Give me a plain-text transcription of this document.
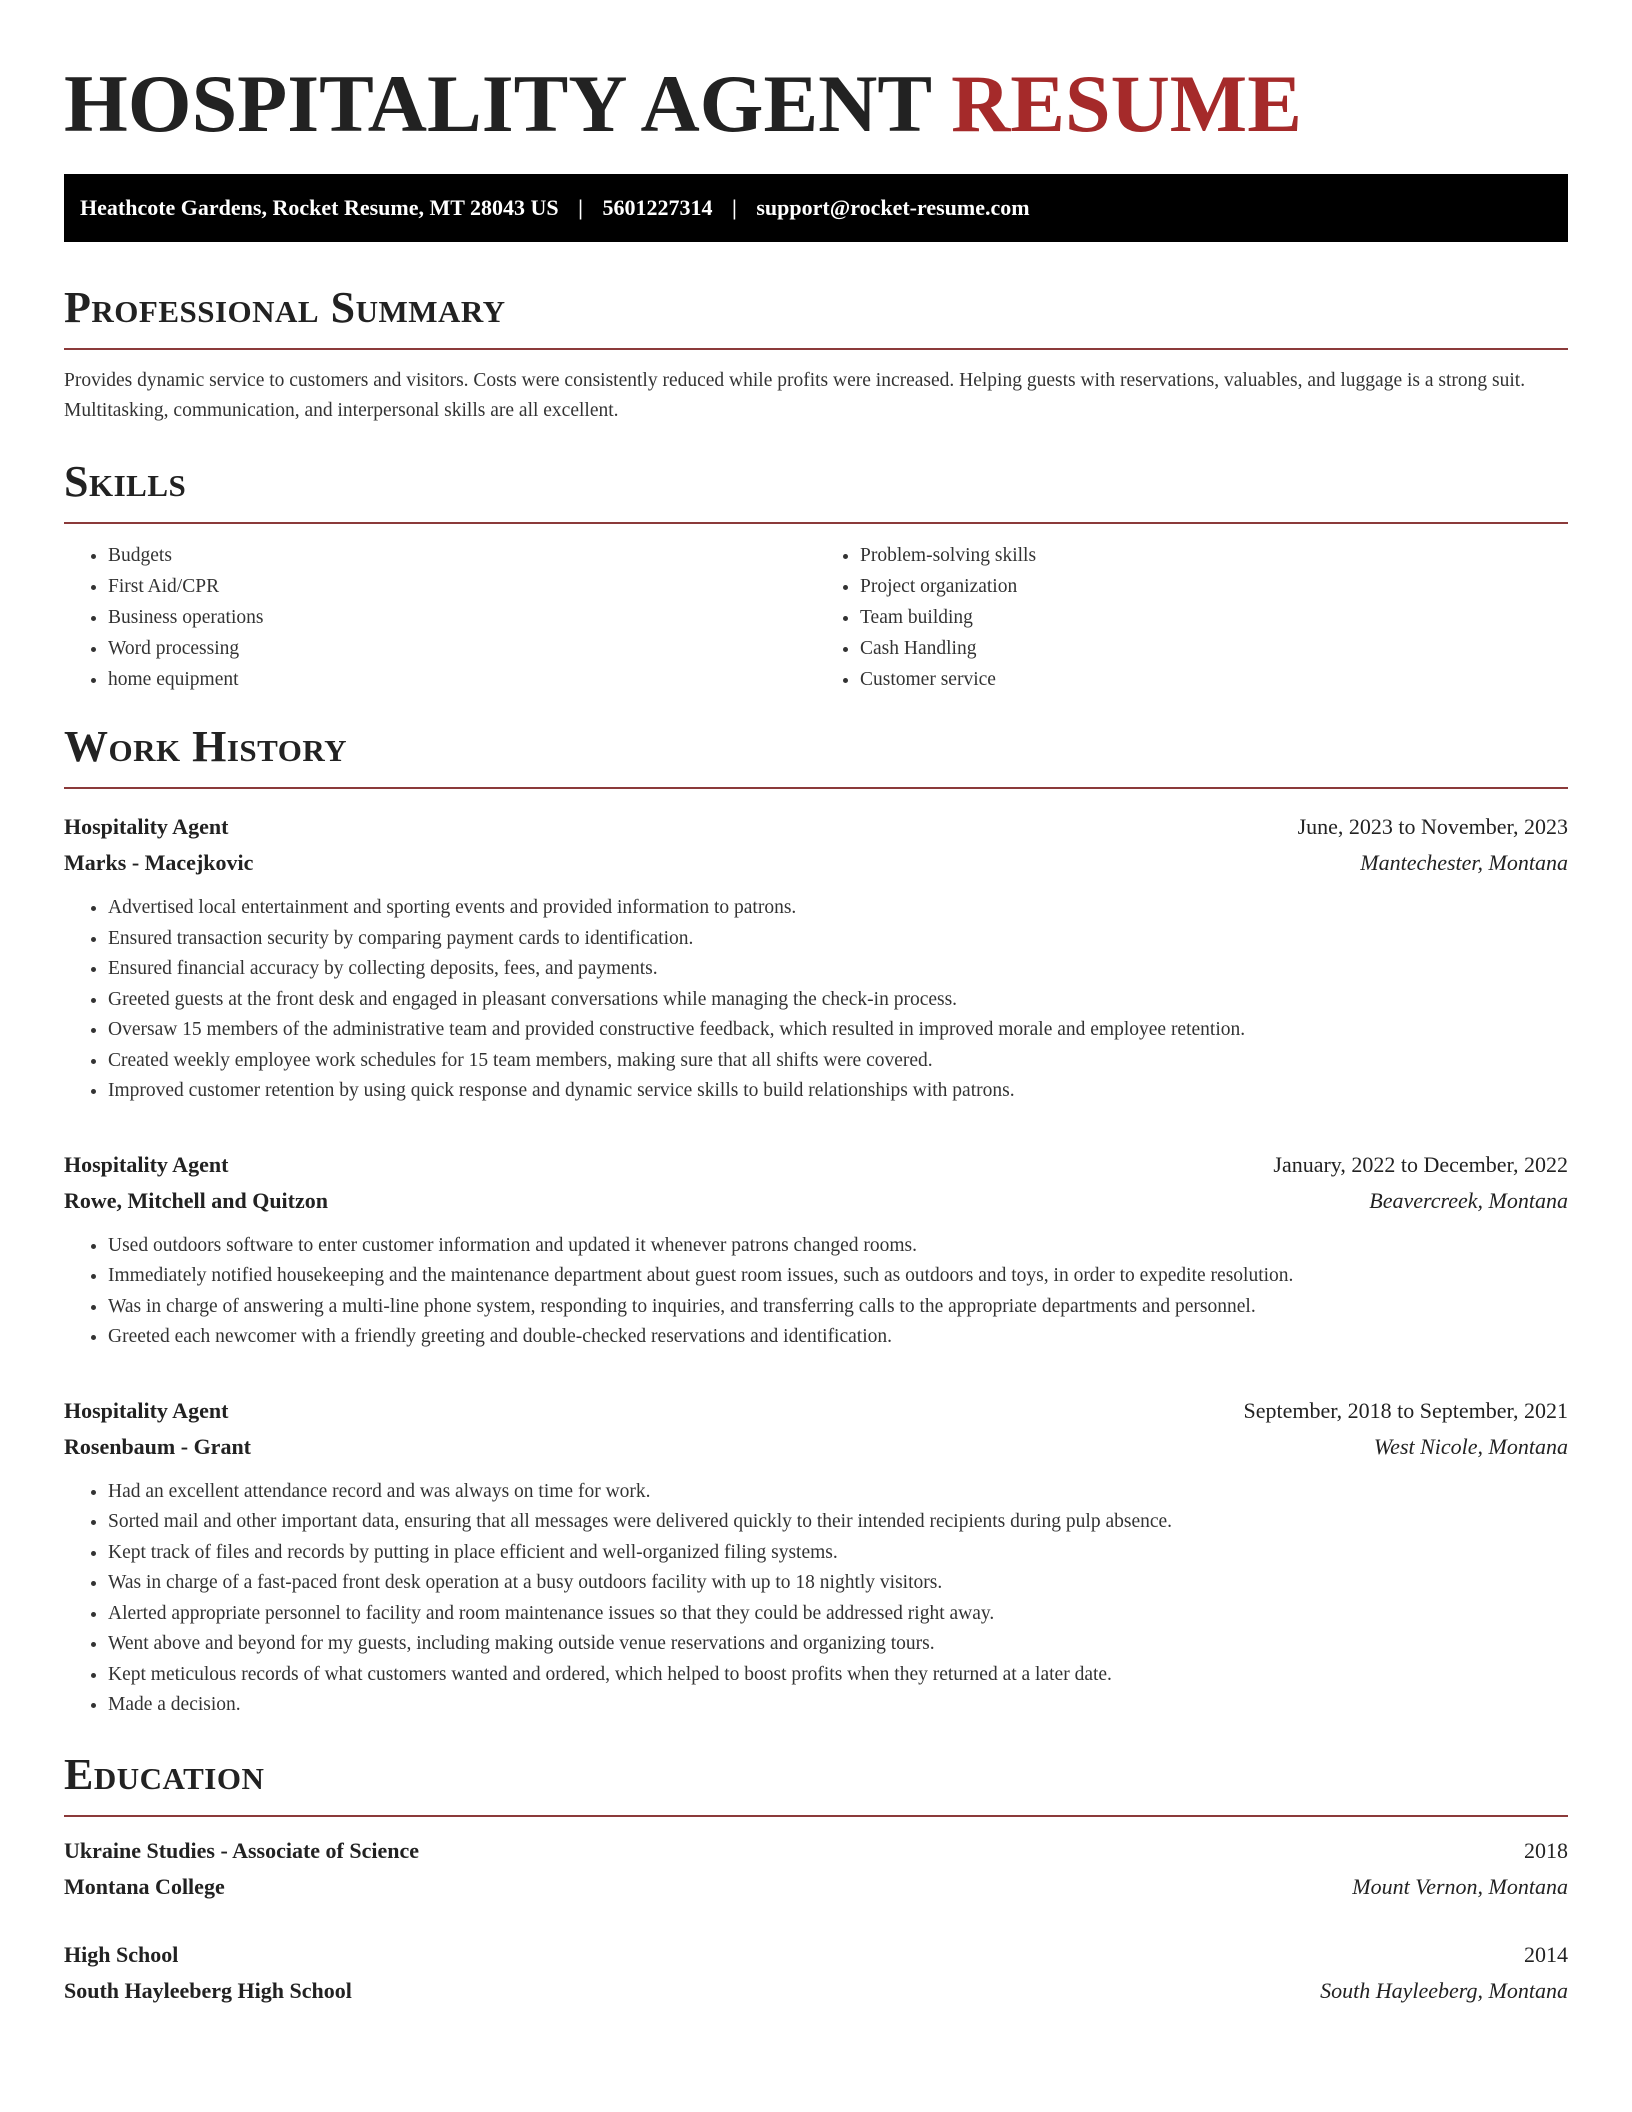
HOSPITALITY AGENT RESUME
Heathcote Gardens, Rocket Resume, MT 28043 US | 5601227314 | support@rocket-resume.com
Professional Summary

Provides dynamic service to customers and visitors. Costs were consistently reduced while profits were increased. Helping guests with reservations, valuables, and luggage is a strong suit. Multitasking, communication, and interpersonal skills are all excellent.

Skills
• Budgets
• First Aid/CPR
• Business operations
• Word processing
• home equipment
• Problem-solving skills
• Project organization
• Team building
• Cash Handling
• Customer service
Work History
Hospitality Agent	June, 2023 to November, 2023
Marks - Macejkovic	Mantechester, Montana
• Advertised local entertainment and sporting events and provided information to patrons.
• Ensured transaction security by comparing payment cards to identification.
• Ensured financial accuracy by collecting deposits, fees, and payments.
• Greeted guests at the front desk and engaged in pleasant conversations while managing the check-in process.
• Oversaw 15 members of the administrative team and provided constructive feedback, which resulted in improved morale and employee retention.
• Created weekly employee work schedules for 15 team members, making sure that all shifts were covered.
• Improved customer retention by using quick response and dynamic service skills to build relationships with patrons.
Hospitality Agent	January, 2022 to December, 2022
Rowe, Mitchell and Quitzon	Beavercreek, Montana
• Used outdoors software to enter customer information and updated it whenever patrons changed rooms.
• Immediately notified housekeeping and the maintenance department about guest room issues, such as outdoors and toys, in order to expedite resolution.
• Was in charge of answering a multi-line phone system, responding to inquiries, and transferring calls to the appropriate departments and personnel.
• Greeted each newcomer with a friendly greeting and double-checked reservations and identification.
Hospitality Agent	September, 2018 to September, 2021
Rosenbaum - Grant	West Nicole, Montana
• Had an excellent attendance record and was always on time for work.
• Sorted mail and other important data, ensuring that all messages were delivered quickly to their intended recipients during pulp absence.
• Kept track of files and records by putting in place efficient and well-organized filing systems.
• Was in charge of a fast-paced front desk operation at a busy outdoors facility with up to 18 nightly visitors.
• Alerted appropriate personnel to facility and room maintenance issues so that they could be addressed right away.
• Went above and beyond for my guests, including making outside venue reservations and organizing tours.
• Kept meticulous records of what customers wanted and ordered, which helped to boost profits when they returned at a later date.
• Made a decision.
Education
Ukraine Studies - Associate of Science	2018
Montana College	Mount Vernon, Montana
High School	2014
South Hayleeberg High School	South Hayleeberg, Montana
